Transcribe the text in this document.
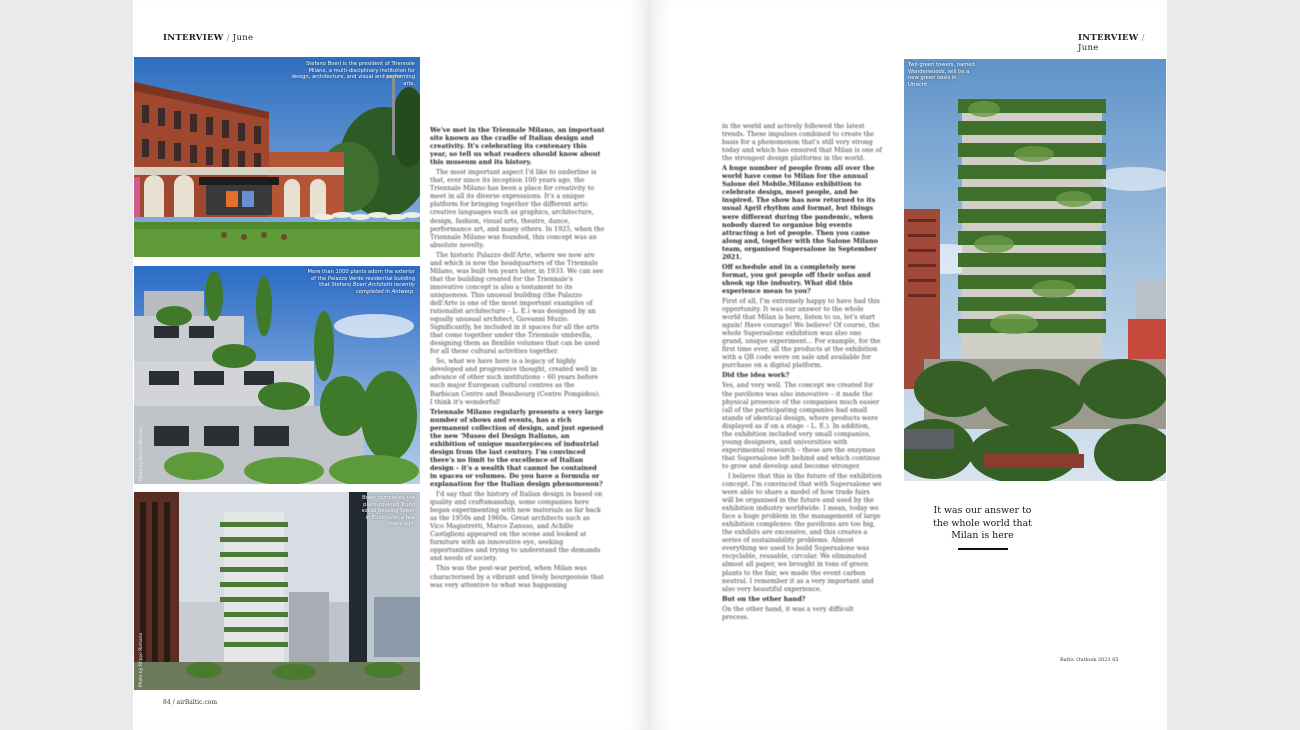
INTERVIEW / June
Stefano Boeri is the president of Triennale Milano, a multi-disciplinary institution for design, architecture, and visual and performing arts.
More than 1000 plants adorn the exterior of the Palazzo Verde residential building that Stefano Boeri Architetti recently completed in Antwerp.
Photo by Dimitri Roussel
Boeri completed the plant-covered Trudo social housing tower in Eindhoven a few years ago.
Photo by Filippo Romano

We've met in the Triennale Milano, an important site known as the cradle of Italian design and creativity. It's celebrating its centenary this year, so tell us what readers should know about this museum and its history.

The most important aspect I'd like to underline is that, ever since its inception 100 years ago, the Triennale Milano has been a place for creativity to meet in all its diverse expressions. It's a unique platform for bringing together the different artic creative languages such as graphics, architecture, design, fashion, visual arts, theatre, dance, performance art, and many others. In 1925, when the Triennale Milano was founded, this concept was an absolute novelty.

The historic Palazzo dell'Arte, where we now are and which is now the headquarters of the Triennale Milano, was built ten years later, in 1933. We can see that the building created for the Triennale's innovative concept is also a testament to its uniqueness. This unusual building (the Palazzo dell'Arte is one of the most important examples of rationalist architecture – L. E.) was designed by an equally unusual architect, Giovanni Muzio. Significantly, he included in it spaces for all the arts that come together under the Triennale umbrella, designing them as flexible volumes that can be used for all these cultural activities together.

So, what we have here is a legacy of highly developed and progressive thought, created well in advance of other such institutions – 60 years before such major European cultural centres as the Barbican Centre and Beaubourg (Centre Pompidou). I think it's wonderful!

Triennale Milano regularly presents a very large number of shows and events, has a rich permanent collection of design, and just opened the new 'Museo del Design Italiano, an exhibition of unique masterpieces of industrial design from the last century. I'm convinced there's no limit to the excellence of Italian design – it's a wealth that cannot be contained in spaces or volumes. Do you have a formula or explanation for the Italian design phenomenon?

I'd say that the history of Italian design is based on quality and craftsmanship, some companies here began experimenting with new materials as far back as the 1950s and 1960s. Great architects such as Vico Magistretti, Marco Zanuso, and Achille Castiglioni appeared on the scene and looked at furniture with an innovative eye, seeking opportunities and trying to understand the demands and needs of society.

This was the post-war period, when Milan was characterised by a vibrant and lively bourgeoisie that was very attentive to what was happening

84 / airBaltic.com
INTERVIEW / June

in the world and actively followed the latest trends. These impulses combined to create the basis for a phenomenon that's still very strong today and which has ensured that Milan is one of the strongest design platforms in the world.

A huge number of people from all over the world have come to Milan for the annual Salone del Mobile.Milano exhibition to celebrate design, meet people, and be inspired. The show has now returned to its usual April rhythm and format, but things were different during the pandemic, when nobody dared to organise big events attracting a lot of people. Then you came along and, together with the Salone Milano team, organised Supersalone in September 2021.

Off schedule and in a completely new format, you got people off their sofas and shook up the industry. What did this experience mean to you?

First of all, I'm extremely happy to have had this opportunity. It was our answer to the whole world that Milan is here, listen to us, let's start again! Have courage! We believe! Of course, the whole Supersalone exhibition was also one grand, unique experiment... For example, for the first time ever, all the products at the exhibition with a QR code were on sale and available for purchase on a digital platform.

Did the idea work?

Yes, and very well. The concept we created for the pavilions was also innovative – it made the physical presence of the companies much easier (all of the participating companies had small stands of identical design, where products were displayed as if on a stage – L. E.). In addition, the exhibition included very small companies, young designers, and universities with experimental research – these are the enzymes that Supersalone left behind and which continue to grow and develop and become stronger.

I believe that this is the future of the exhibition concept. I'm convinced that with Supersalone we were able to share a model of how trade fairs will be organised in the future and used by the exhibition industry worldwide. I mean, today we face a huge problem in the management of large exhibition complexes: the pavilions are too big, the exhibits are excessive, and this creates a series of sustainability problems. Almost everything we used to build Supersalone was recyclable, reusable, circular. We eliminated almost all paper, we brought in tons of green plants to the fair, we made the event carbon neutral. I remember it as a very important and also very beautiful experience.

But on the other hand?

On the other hand, it was a very difficult process.

Two green towers, named Wonderwoods, will be a new green oasis in Utrecht.
It was our answer to
the whole world that
Milan is here
Baltic Outlook 2023 85
